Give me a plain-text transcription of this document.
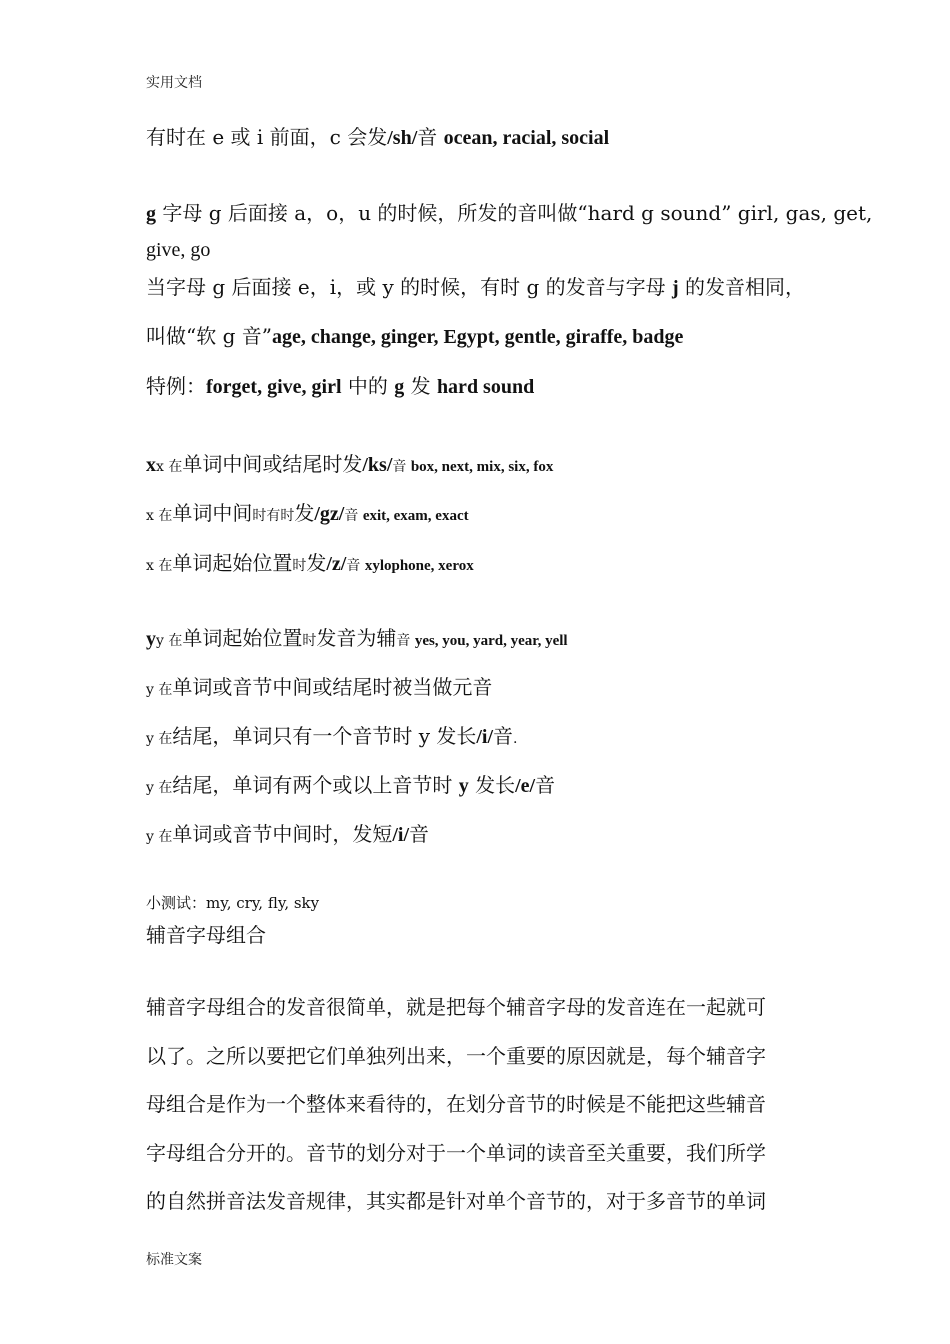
实用文档
有时在 e 或 i 前面，c 会发/sh/音 ocean, racial, social
g 字母 g 后面接 a，o，u 的时候，所发的音叫做“hard g sound” girl, gas, get,
give, go
当字母 g 后面接 e，i，或 y 的时候，有时 g 的发音与字母 j 的发音相同，
叫做“软 g 音”age, change, ginger, Egypt, gentle, giraffe, badge
特例：forget, give, girl 中的 g 发 hard sound
xx 在单词中间或结尾时发/ks/音 box, next, mix, six, fox
x 在单词中间时有时发/gz/音 exit, exam, exact
x 在单词起始位置时发/z/音 xylophone, xerox
yy 在单词起始位置时发音为辅音 yes, you, yard, year, yell
y 在单词或音节中间或结尾时被当做元音
y 在结尾，单词只有一个音节时 y 发长/i/音.
y 在结尾，单词有两个或以上音节时 y 发长/e/音
y 在单词或音节中间时，发短/i/音
小测试：my, cry, fly, sky
辅音字母组合

辅音字母组合的发音很简单，就是把每个辅音字母的发音连在一起就可

以了。之所以要把它们单独列出来，一个重要的原因就是，每个辅音字

母组合是作为一个整体来看待的，在划分音节的时候是不能把这些辅音

字母组合分开的。音节的划分对于一个单词的读音至关重要，我们所学

的自然拼音法发音规律，其实都是针对单个音节的，对于多音节的单词

标准文案
